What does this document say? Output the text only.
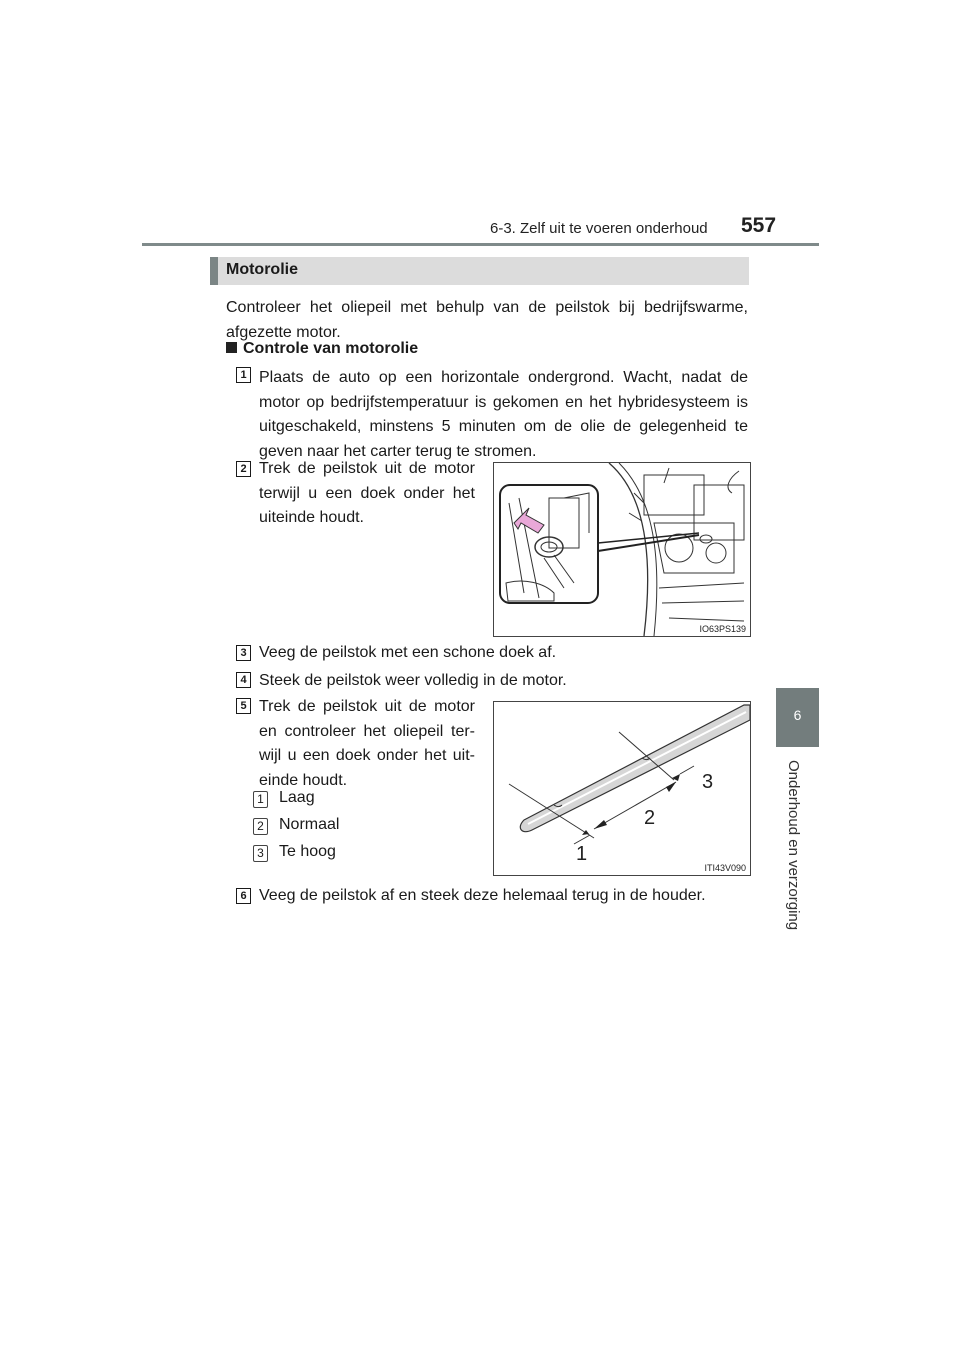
6-3. Zelf uit te voeren onderhoud 557
6
Onderhoud en verzorging
Motorolie
Controleer het oliepeil met behulp van de peilstok bij bedrijfswarme, afgezette motor.
Controle van motorolie
1 Plaats de auto op een horizontale ondergrond. Wacht, nadat de motor op bedrijfstemperatuur is gekomen en het hybridesysteem is uitgeschakeld, minstens 5 minuten om de olie de gelegenheid te geven naar het carter terug te stromen.
2 Trek de peilstok uit de motor terwijl u een doek onder het uiteinde houdt.
IO63PS139
3 Veeg de peilstok met een schone doek af.
4 Steek de peilstok weer volledig in de motor.
5 Trek de peilstok uit de motor en controleer het oliepeil ter-wijl u een doek onder het uit-einde houdt.
1 Laag
2 Normaal
3 Te hoog	1
2
3
ITI43V090
6 Veeg de peilstok af en steek deze helemaal terug in de houder.
